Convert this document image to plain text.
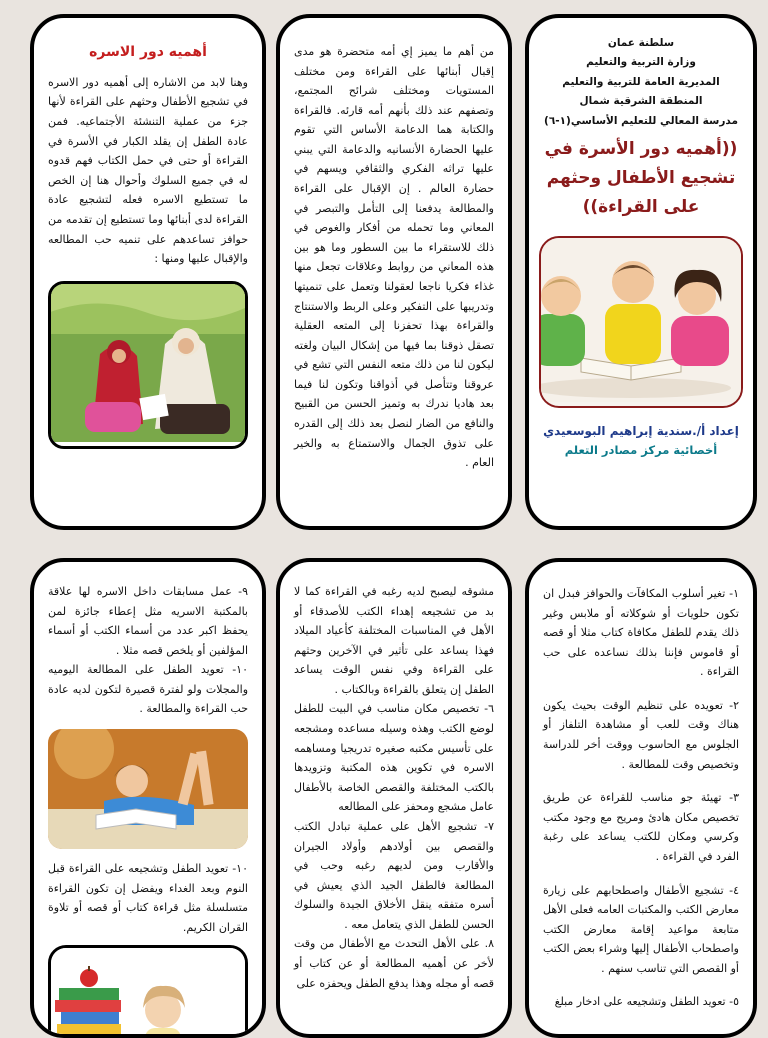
سلطنة عمان

وزارة التربية والتعليم

المديرية العامة للتربية والتعليم

المنطقة الشرقية شمال

مدرسة المعالي للتعليم الأساسي(١-٦)

((أهميه دور الأسرة في تشجيع الأطفال وحثهم على القراءة))

إعداد أ/.سندية إبراهيم البوسعيدي
أخصائية مركز مصادر التعلم

من أهم ما يميز إي أمه متحضرة هو مدى إقبال أبنائها على القراءة ومن مختلف المستويات ومختلف شرائح المجتمع، وتصفهم عند ذلك بأنهم أمه قارئه. فالقراءة والكتابة هما الدعامة الأساس التي تقوم عليها الحضارة الأنسانيه والدعامة التي يبني عليها تراثه الفكري والثقافي ويسهم في حضارة العالم . إن الإقبال على القراءة والمطالعة يدفعنا إلى التأمل والتبصر في المعاني وما تحمله من أفكار والغوص في ذلك للاستقراء ما بين السطور وما هو بين هذه المعاني من روابط وعلاقات تجعل منها غذاء فكريا ناجعا لعقولنا وتعمل على تنميتها وتدريبها على التفكير وعلى الربط والاستنتاج والقراءة بهذا تحفزنا إلى المتعه العقلية تصقل ذوقنا بما فيها من إشكال البيان ولغته ليكون لنا من ذلك متعه النفس التي تشع في عروقنا وتتأصل في أذواقنا وتكون لنا فيما بعد هاديا ندرك به وتميز الحسن من القبيح والنافع من الضار لنصل بعد ذلك إلى القدره على تذوق الجمال والاستمتاع به والخير العام .

أهميه دور الاسره

وهنا لابد من الاشاره إلى أهميه دور الاسره في تشجيع الأطفال وحثهم على القراءة لأنها جزء من عملية التنشئة الأجتماعيه. فمن عادة الطفل إن يقلد الكبار في الأسرة في القراءة أو حتى في حمل الكتاب فهم قدوه له في جميع السلوك وأحوال هنا إن الخص ما تستطيع الاسره فعله لتشجيع عادة القراءة لدى أبنائها وما تستطيع إن تقدمه من حوافز تساعدهم على تنميه حب المطالعه والإقبال عليها ومنها :

١- تغير أسلوب المكافآت والحوافز فبدل ان تكون حلويات أو شوكلاته أو ملابس وغير ذلك يقدم للطفل مكافاة كتاب مثلا أو قصه أو قاموس فإننا بذلك نساعده على حب القراءة .

٢- تعويده على تنظيم الوقت بحيث يكون هناك وقت للعب أو مشاهدة التلفاز أو الجلوس مع الحاسوب ووقت أخر للدراسة وتخصيص وقت للمطالعة .

٣- تهيئة جو مناسب للقراءة عن طريق تخصيص مكان هادئ ومريح مع وجود مكتب وكرسي ومكان للكتب يساعد على رغبة الفرد في القراءة .

٤- تشجيع الأطفال واصطحابهم على زيارة معارض الكتب والمكتبات العامه فعلى الأهل متابعة مواعيد إقامة معارض الكتب واصطحاب الأطفال إليها وشراء بعض الكتب أو القصص التي تناسب سنهم .

٥- تعويد الطفل وتشجيعه على ادخار مبلغ

مشوقه ليصبح لديه رغبه في القراءة كما لا بد من تشجيعه إهداء الكتب للأصدقاء أو الأهل في المناسبات المختلفة كأعياد الميلاد فهذا يساعد على تأثير في الآخرين وحثهم على القراءة وفي نفس الوقت يساعد الطفل إن يتعلق بالقراءة وبالكتاب .

٦- تخصيص مكان مناسب في البيت للطفل لوضع الكتب وهذه وسيله مساعده ومشجعه على تأسيس مكتبه صغيره تدريجيا ومساهمه الاسره في تكوين هذه المكتبة وتزويدها بالكتب المختلفة والقصص الخاصة بالأطفال عامل مشجع ومحفز على المطالعه

٧- تشجيع الأهل على عملية تبادل الكتب والقصص بين أولادهم وأولاد الجيران والأقارب ومن لديهم رغبه وحب في المطالعة فالطفل الجيد الذي يعيش في أسره متفقه ينقل الأخلاق الجيدة والسلوك الحسن للطفل الذي يتعامل معه .

٨. على الأهل التحدث مع الأطفال من وقت لأخر عن أهميه المطالعة أو عن كتاب أو قصه أو مجله وهذا يدفع الطفل ويحفزه على

٩- عمل مسابقات داخل الاسره لها علاقة بالمكتبة الاسريه مثل إعطاء جائزة لمن يحفظ اكبر عدد من أسماء الكتب أو أسماء المؤلفين أو يلخص قصه مثلا .

١٠- تعويد الطفل على المطالعة اليوميه والمجلات ولو لفترة قصيرة لتكون لديه عادة حب القراءة والمطالعة .

١٠- تعويد الطفل وتشجيعه على القراءة قبل النوم وبعد الغداء ويفضل إن تكون القراءة متسلسلة مثل قراءة كتاب أو قصه أو تلاوة القران الكريم.
